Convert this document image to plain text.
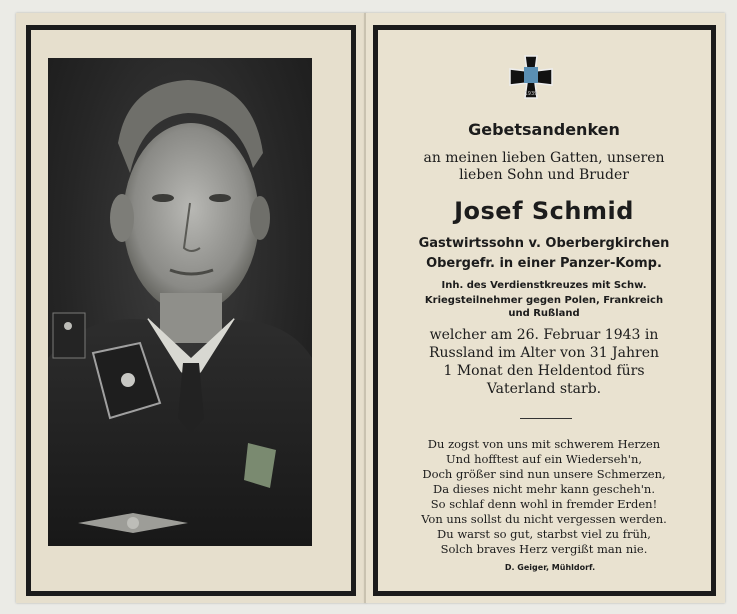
1939
Gebetsandenken
an meinen lieben Gatten, unseren
lieben Sohn und Bruder
Josef Schmid
Gastwirtssohn v. Oberbergkirchen
Obergefr. in einer Panzer-Komp.
Inh. des Verdienstkreuzes mit Schw.
Kriegsteilnehmer gegen Polen, Frankreich
und Rußland
welcher am 26. Februar 1943 in
Russland im Alter von 31 Jahren
1 Monat den Heldentod fürs
Vaterland starb.
Du zogst von uns mit schwerem Herzen
Und hofftest auf ein Wiederseh'n,
Doch größer sind nun unsere Schmerzen,
Da dieses nicht mehr kann gescheh'n.
So schlaf denn wohl in fremder Erden!
Von uns sollst du nicht vergessen werden.
Du warst so gut, starbst viel zu früh,
Solch braves Herz vergißt man nie.
D. Geiger, Mühldorf.
